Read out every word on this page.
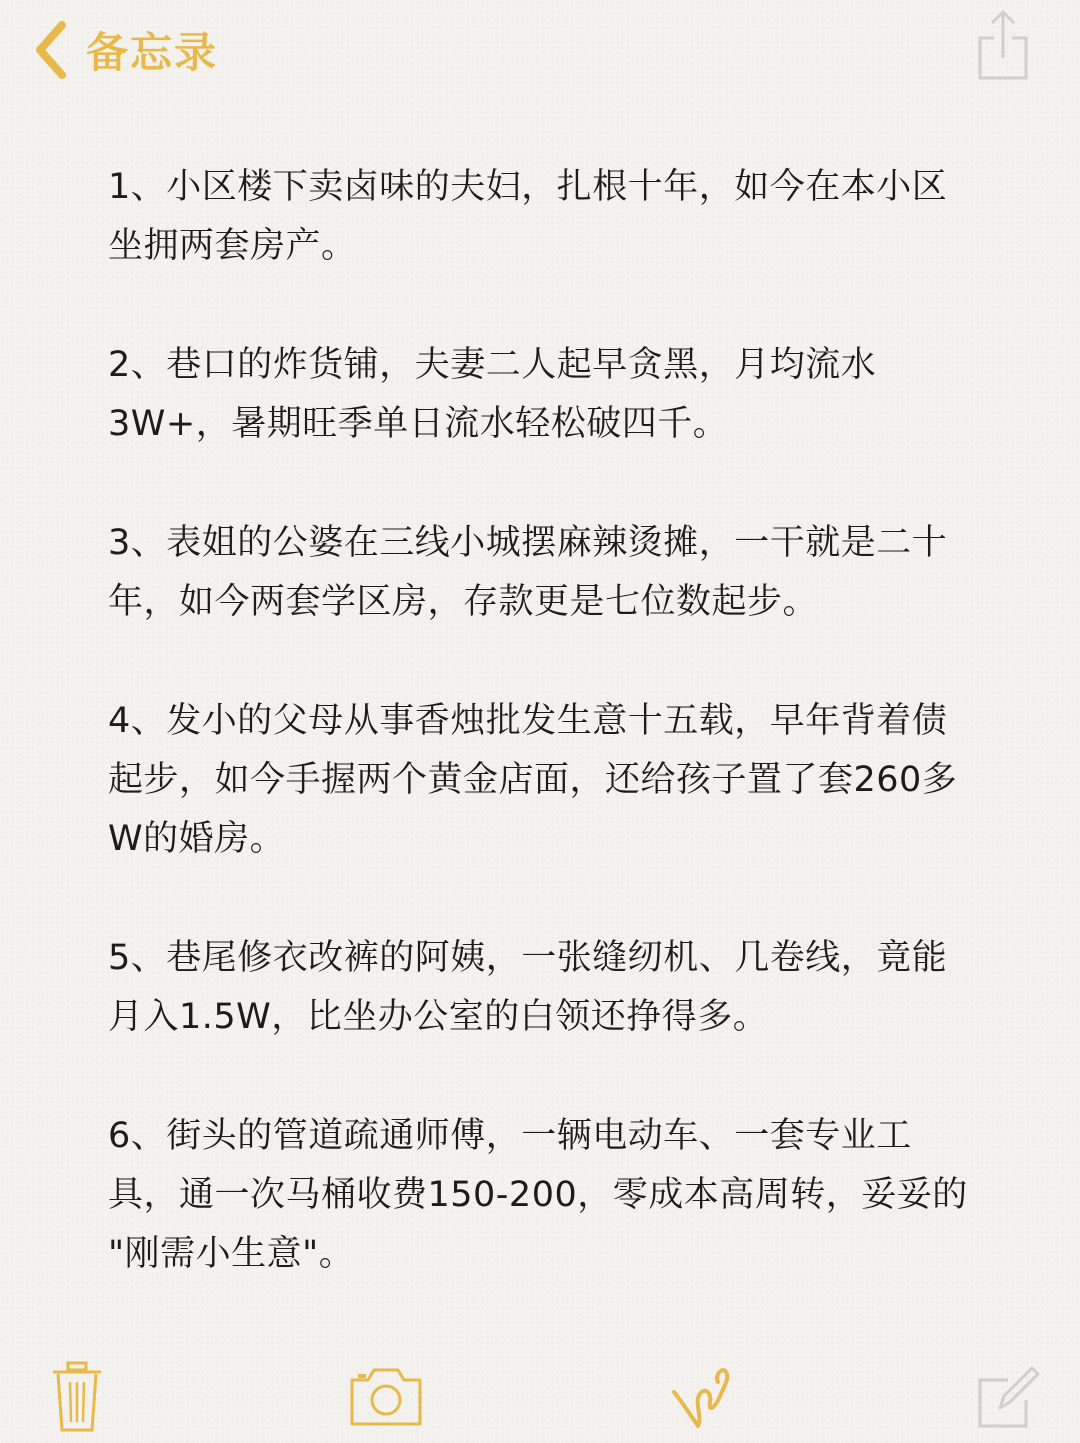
备忘录

1、小区楼下卖卤味的夫妇，扎根十年，如今在本小区坐拥两套房产。

2、巷口的炸货铺，夫妻二人起早贪黑，月均流水3W+，暑期旺季单日流水轻松破四千。

3、表姐的公婆在三线小城摆麻辣烫摊，一干就是二十年，如今两套学区房，存款更是七位数起步。

4、发小的父母从事香烛批发生意十五载，早年背着债起步，如今手握两个黄金店面，还给孩子置了套260多W的婚房。

5、巷尾修衣改裤的阿姨，一张缝纫机、几卷线，竟能月入1.5W，比坐办公室的白领还挣得多。

6、街头的管道疏通师傅，一辆电动车、一套专业工具，通一次马桶收费150-200，零成本高周转，妥妥的 "刚需小生意"。
